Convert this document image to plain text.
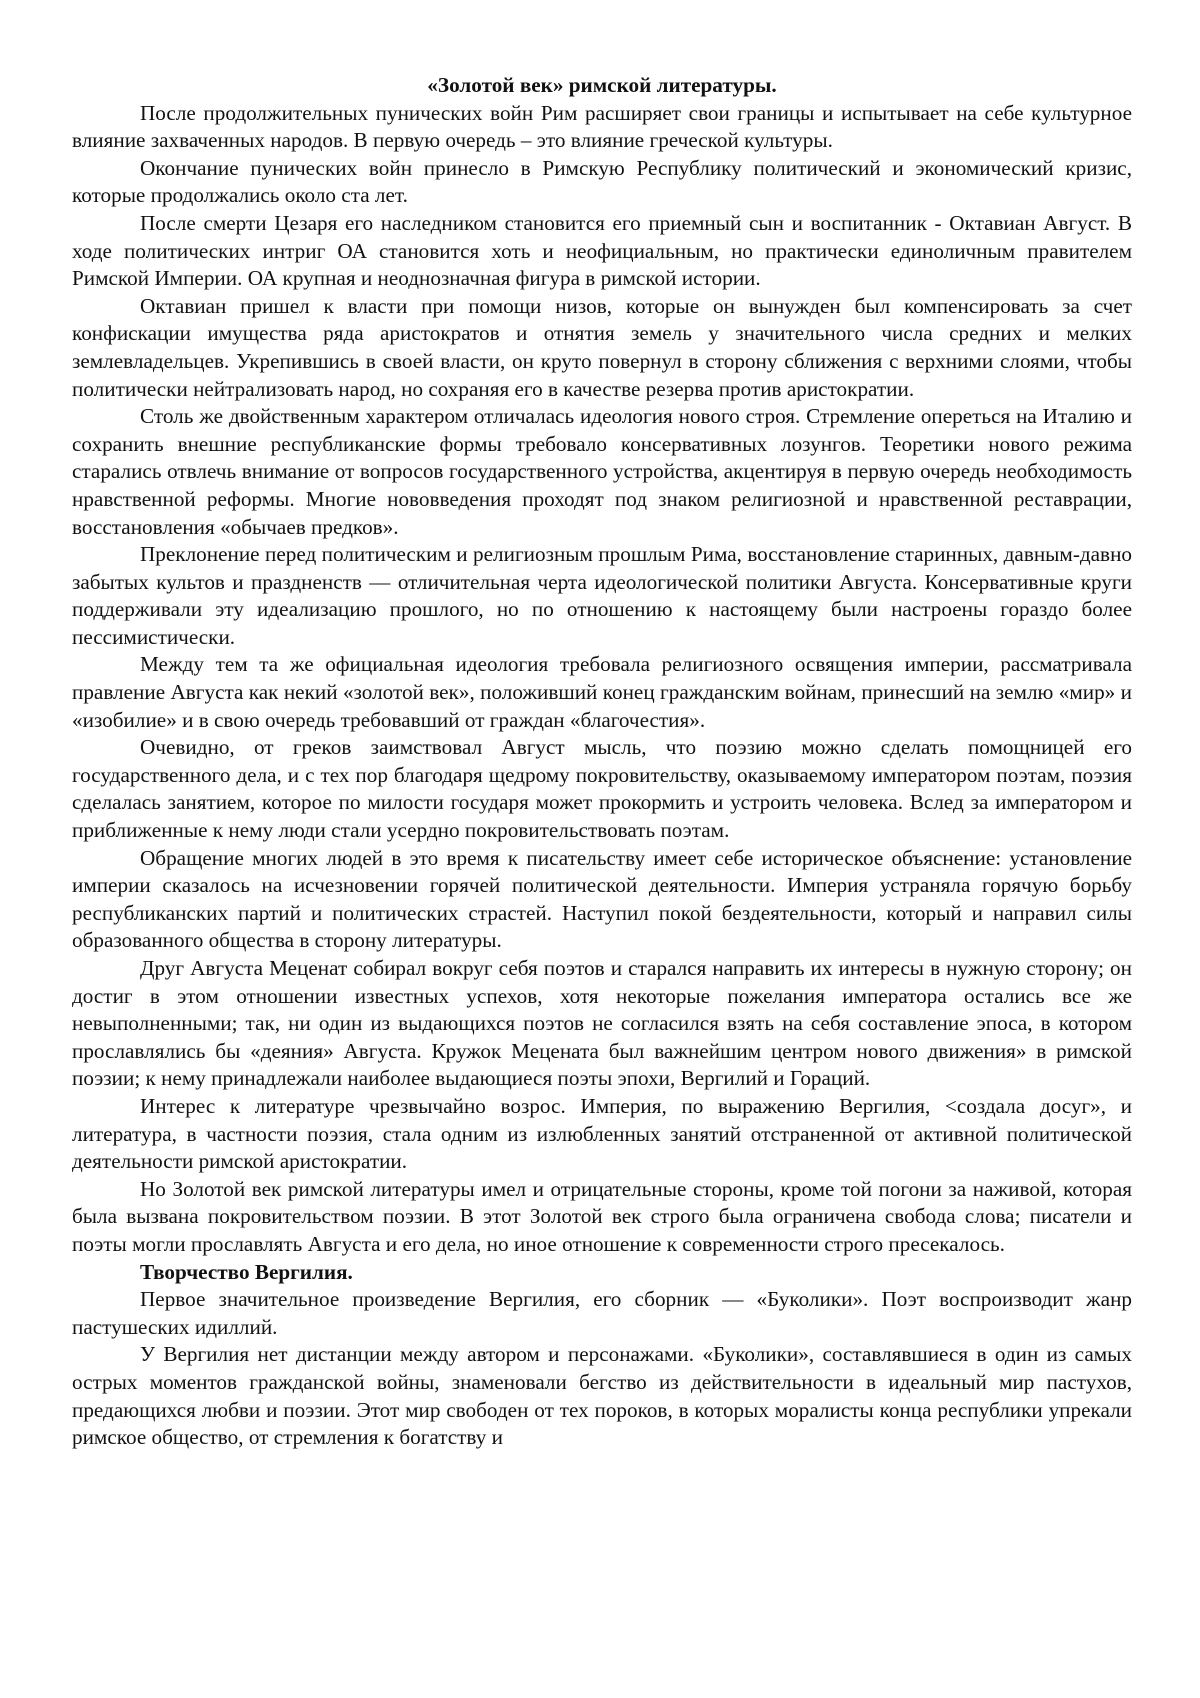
«Золотой век» римской литературы.

После продолжительных пунических войн Рим расширяет свои границы и испытывает на себе культурное влияние захваченных народов. В первую очередь – это влияние греческой культуры.

Окончание пунических войн принесло в Римскую Республику политический и экономический кризис, которые продолжались около ста лет.

После смерти Цезаря его наследником становится его приемный сын и воспитанник - Октавиан Август. В ходе политических интриг ОА становится хоть и неофициальным, но практически единоличным правителем Римской Империи. ОА крупная и неоднозначная фигура в римской истории.

Октавиан пришел к власти при помощи низов, которые он вынужден был компенсировать за счет конфискации имущества ряда аристократов и отнятия земель у значительного числа средних и мелких землевладельцев. Укрепившись в своей власти, он круто повернул в сторону сближения с верхними слоями, чтобы политически нейтрализовать народ, но сохраняя его в качестве резерва против аристократии.

Столь же двойственным характером отличалась идеология нового строя. Стремление опереться на Италию и сохранить внешние республиканские формы требовало консервативных лозунгов. Теоретики нового режима старались отвлечь внимание от вопросов государственного устройства, акцентируя в первую очередь необходимость нравственной реформы. Многие нововведения проходят под знаком религиозной и нравственной реставрации, восстановления «обычаев предков».

Преклонение перед политическим и религиозным прошлым Рима, восстановление старинных, давным-давно забытых культов и праздненств — отличительная черта идеологической политики Августа. Консервативные круги поддерживали эту идеализацию прошлого, но по отношению к настоящему были настроены гораздо более пессимистически.

Между тем та же официальная идеология требовала религиозного освящения империи, рассматривала правление Августа как некий «золотой век», положивший конец гражданским войнам, принесший на землю «мир» и «изобилие» и в свою очередь требовавший от граждан «благочестия».

Очевидно, от греков заимствовал Август мысль, что поэзию можно сделать помощницей его государственного дела, и с тех пор благодаря щедрому покровительству, оказываемому императором поэтам, поэзия сделалась занятием, которое по милости государя может прокормить и устроить человека. Вслед за императором и приближенные к нему люди стали усердно покровительствовать поэтам.

Обращение многих людей в это время к писательству имеет себе историческое объяснение: установление империи сказалось на исчезновении горячей политической деятельности. Империя устраняла горячую борьбу республиканских партий и политических страстей. Наступил покой бездеятельности, который и направил силы образованного общества в сторону литературы.

Друг Августа Меценат собирал вокруг себя поэтов и старался направить их интересы в нужную сторону; он достиг в этом отношении известных успехов, хотя некоторые пожелания императора остались все же невыполненными; так, ни один из выдающихся поэтов не согласился взять на себя составление эпоса, в котором прославлялись бы «деяния» Августа. Кружок Мецената был важнейшим центром нового движения» в римской поэзии; к нему принадлежали наиболее выдающиеся поэты эпохи, Вергилий и Гораций.

Интерес к литературе чрезвычайно возрос. Империя, по выражению Вергилия, <создала досуг», и литература, в частности поэзия, стала одним из излюбленных занятий отстраненной от активной политической деятельности римской аристократии.

Но Золотой век римской литературы имел и отрицательные стороны, кроме той погони за наживой, которая была вызвана покровительством поэзии. В этот Золотой век строго была ограничена свобода слова; писатели и поэты могли прославлять Августа и его дела, но иное отношение к современности строго пресекалось.

Творчество Вергилия.

Первое значительное произведение Вергилия, его сборник — «Буколики». Поэт воспроизводит жанр пастушеских идиллий.

У Вергилия нет дистанции между автором и персонажами. «Буколики», составлявшиеся в один из самых острых моментов гражданской войны, знаменовали бегство из действительности в идеальный мир пастухов, предающихся любви и поэзии. Этот мир свободен от тех пороков, в которых моралисты конца республики упрекали римское общество, от стремления к богатству и
